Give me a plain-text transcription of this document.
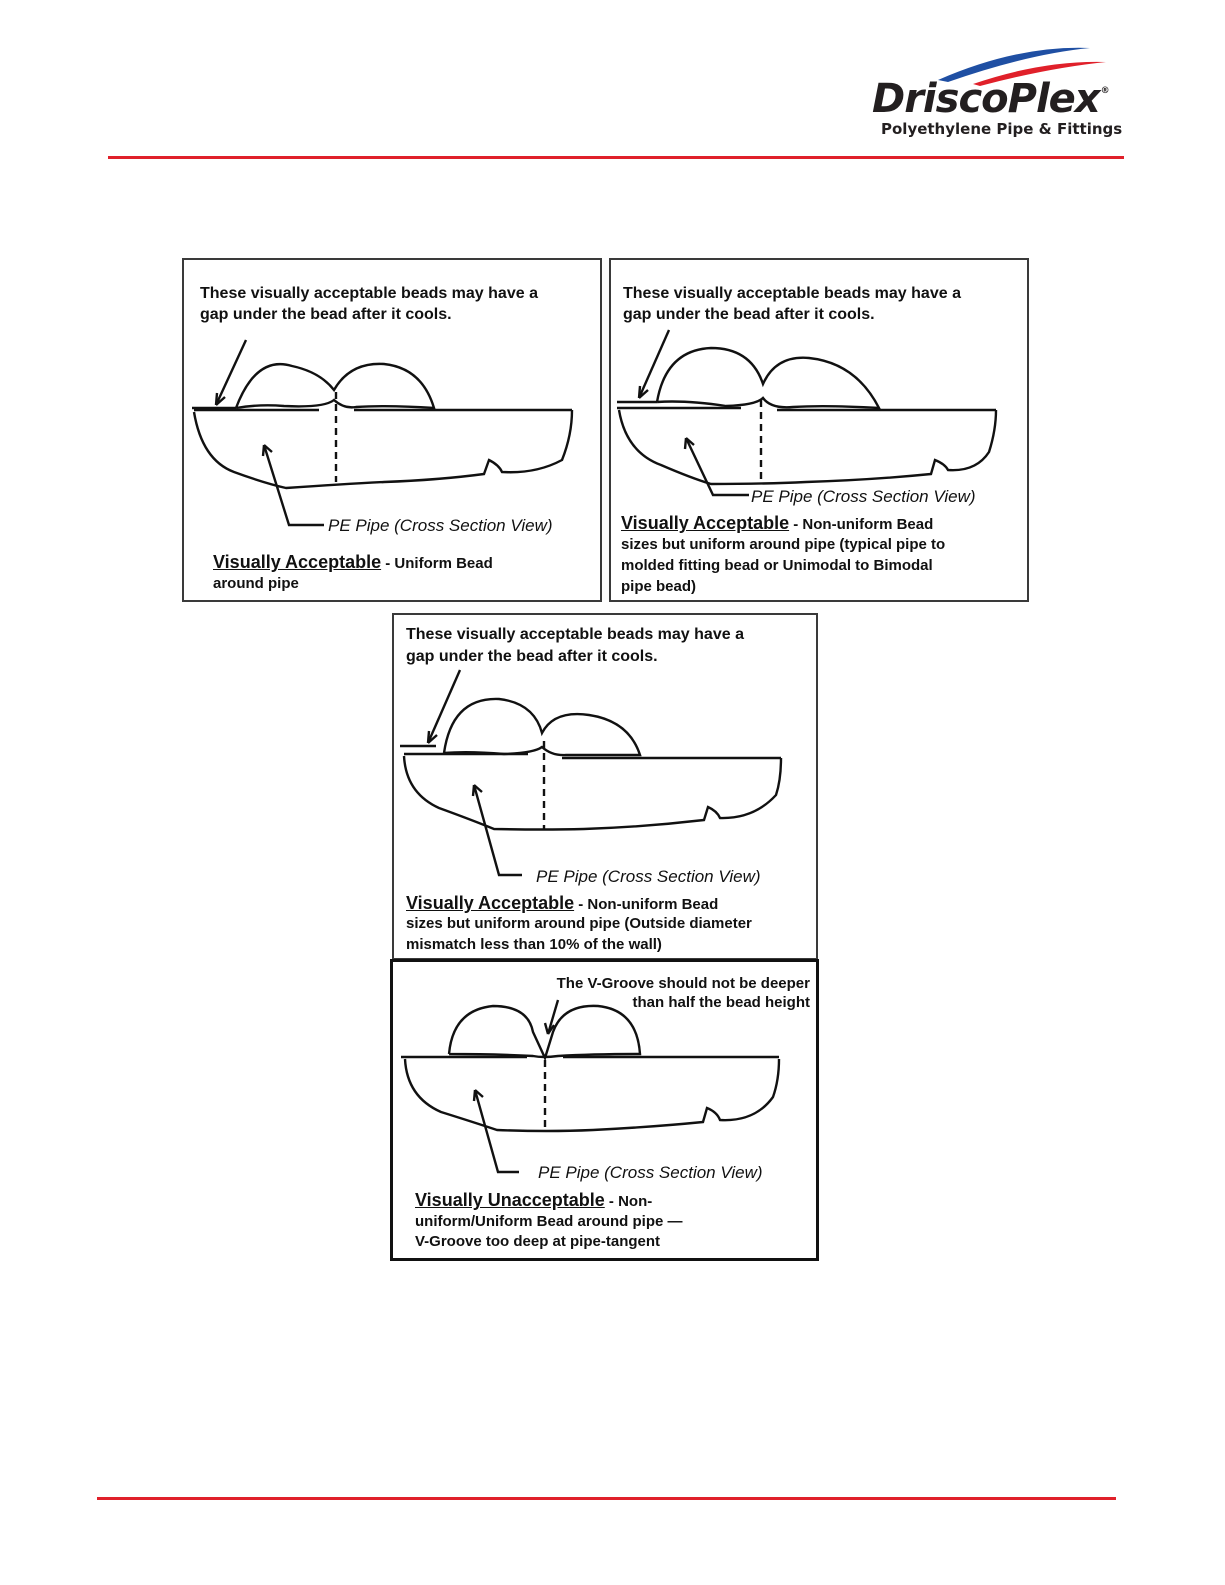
DriscoPlex®
Polyethylene Pipe & Fittings
These visually acceptable beads may have a
gap under the bead after it cools.
PE Pipe (Cross Section View)
Visually Acceptable - Uniform Bead
around pipe
These visually acceptable beads may have a
gap under the bead after it cools.
PE Pipe (Cross Section View)
Visually Acceptable - Non-uniform Bead
sizes but uniform around pipe (typical pipe to
molded fitting bead or Unimodal to Bimodal
pipe bead)
These visually acceptable beads may have a
gap under the bead after it cools.
PE Pipe (Cross Section View)
Visually Acceptable - Non-uniform Bead
sizes but uniform around pipe (Outside diameter
mismatch less than 10% of the wall)
The V-Groove should not be deeper
than half the bead height
PE Pipe (Cross Section View)
Visually Unacceptable - Non-
uniform/Uniform Bead around pipe —
V-Groove too deep at pipe-tangent
